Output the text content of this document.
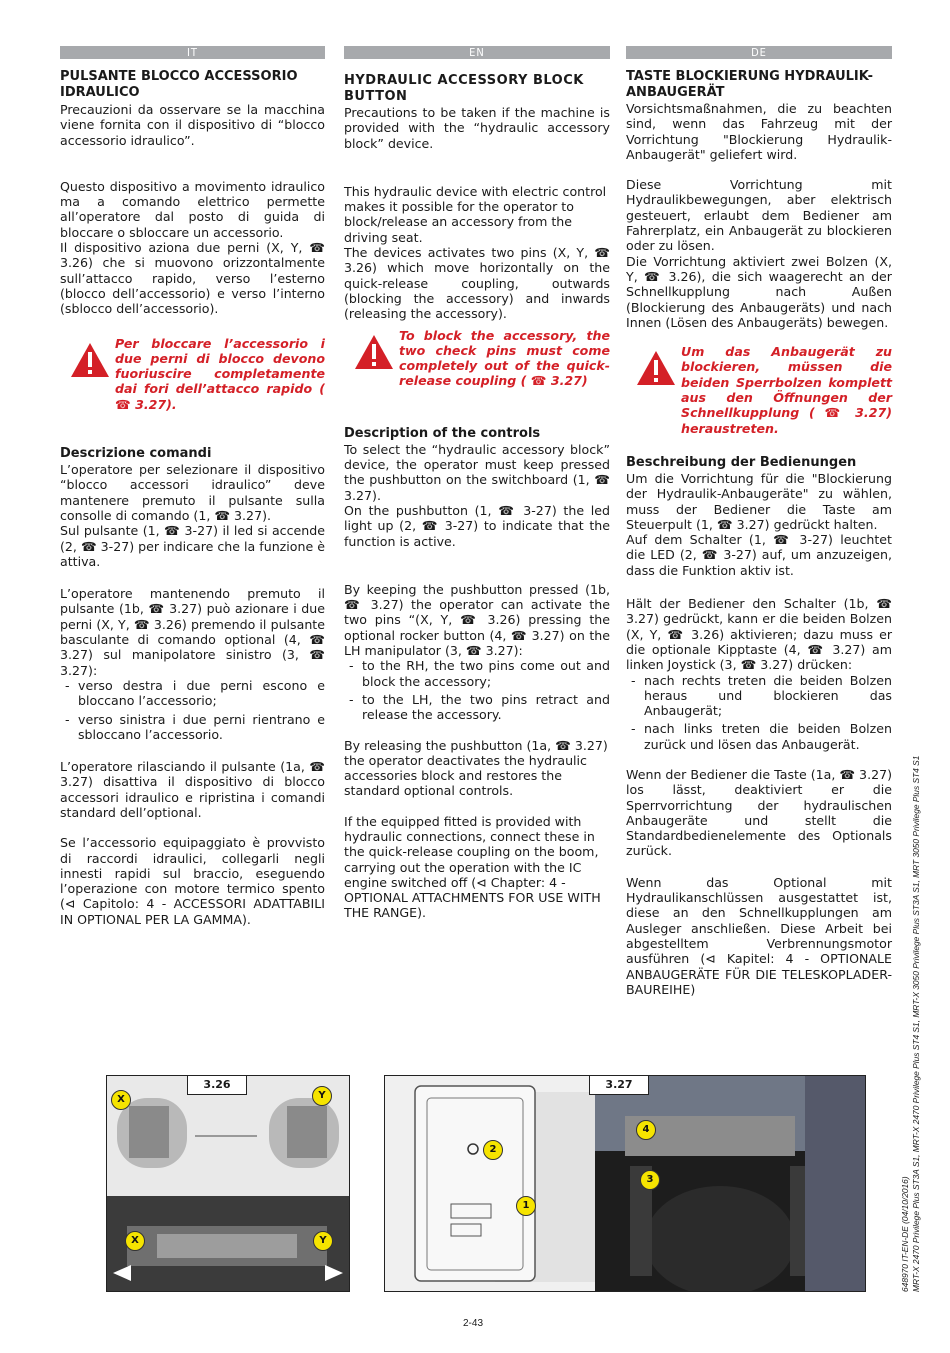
IT
PULSANTE BLOCCO ACCESSORIO IDRAULICO

Precauzioni da osservare se la macchina viene fornita con il dispositivo di “blocco accessorio idraulico”.

Questo dispositivo a movimento idraulico ma a comando elettrico permette all’operatore dal posto di guida di bloccare o sbloccare un accessorio.

Il dispositivo aziona due perni (X, Y, ☎ 3.26) che si muovono orizzontalmente sull’attacco rapido, verso l’esterno (blocco dell’accessorio) e verso l’interno (sblocco dell’accessorio).

Per bloccare l’accessorio i due perni di blocco devono fuoriuscire completamente dai fori dell’attacco rapido ( ☎ 3.27).
Descrizione comandi

L’operatore per selezionare il dispositivo “blocco accessori idraulico” deve mantenere premuto il pulsante sulla consolle di comando (1, ☎ 3.27).

Sul pulsante (1, ☎ 3-27) il led si accende (2, ☎ 3-27) per indicare che la funzione è attiva.

L’operatore mantenendo premuto il pulsante (1b, ☎ 3.27) può azionare i due perni (X, Y, ☎ 3.26) premendo il pulsante basculante di comando optional (4, ☎ 3.27) sul manipolatore sinistro (3, ☎ 3.27):

- verso destra i due perni escono e bloccano l’accessorio;
- verso sinistra i due perni rientrano e sbloccano l’accessorio.

L’operatore rilasciando il pulsante (1a, ☎ 3.27) disattiva il dispositivo di blocco accessori idraulico e ripristina i comandi standard dell’optional.

Se l’accessorio equipaggiato è provvisto di raccordi idraulici, collegarli negli innesti rapidi sul braccio, eseguendo l’operazione con motore termico spento (⊲ Capitolo: 4 - ACCESSORI ADATTABILI IN OPTIONAL PER LA GAMMA).

EN
HYDRAULIC ACCESSORY BLOCK BUTTON

Precautions to be taken if the machine is provided with the “hydraulic accessory block” device.

This hydraulic device with electric control makes it possible for the operator to block/release an accessory from the driving seat.

The devices activates two pins (X, Y, ☎ 3.26) which move horizontally on the quick-release coupling, outwards (blocking the accessory) and inwards (releasing the accessory).

To block the accessory, the two check pins must come completely out of the quick-release coupling ( ☎ 3.27)
Description of the controls

To select the “hydraulic accessory block” device, the operator must keep pressed the pushbutton on the switchboard (1, ☎ 3.27).

On the pushbutton (1, ☎ 3-27) the led light up (2, ☎ 3-27) to indicate that the function is active.

By keeping the pushbutton pressed (1b, ☎ 3.27) the operator can activate the two pins “(X, Y, ☎ 3.26) pressing the optional rocker button (4, ☎ 3.27) on the LH manipulator (3, ☎ 3.27):

- to the RH, the two pins come out and block the accessory;
- to the LH, the two pins retract and release the accessory.

By releasing the pushbutton (1a, ☎ 3.27) the operator deactivates the hydraulic accessories block and restores the standard optional controls.

If the equipped fitted is provided with hydraulic connections, connect these in the quick-release coupling on the boom, carrying out the operation with the IC engine switched off (⊲ Chapter: 4 - OPTIONAL ATTACHMENTS FOR USE WITH THE RANGE).

DE
TASTE BLOCKIERUNG HYDRAULIK-ANBAUGERÄT

Vorsichtsmaßnahmen, die zu beachten sind, wenn das Fahrzeug mit der Vorrichtung "Blockierung Hydraulik-Anbaugerät" geliefert wird.

Diese Vorrichtung mit Hydraulikbewegungen, aber elektrisch gesteuert, erlaubt dem Bediener am Fahrerplatz, ein Anbaugerät zu blockieren oder zu lösen.

Die Vorrichtung aktiviert zwei Bolzen (X, Y, ☎ 3.26), die sich waagerecht an der Schnellkupplung nach Außen (Blockierung des Anbaugeräts) und nach Innen (Lösen des Anbaugeräts) bewegen.

Um das Anbaugerät zu blockieren, müssen die beiden Sperrbolzen komplett aus den Öffnungen der Schnellkupplung ( ☎ 3.27) heraustreten.
Beschreibung der Bedienungen

Um die Vorrichtung für die "Blockierung der Hydraulik-Anbaugeräte" zu wählen, muss der Bediener die Taste am Steuerpult (1, ☎ 3.27) gedrückt halten.

Auf dem Schalter (1, ☎ 3-27) leuchtet die LED (2, ☎ 3-27) auf, um anzuzeigen, dass die Funktion aktiv ist.

Hält der Bediener den Schalter (1b, ☎ 3.27) gedrückt, kann er die beiden Bolzen (X, Y, ☎ 3.26) aktivieren; dazu muss er die optionale Kipptaste (4, ☎ 3.27) am linken Joystick (3, ☎ 3.27) drücken:

- nach rechts treten die beiden Bolzen heraus und blockieren das Anbaugerät;
- nach links treten die beiden Bolzen zurück und lösen das Anbaugerät.

Wenn der Bediener die Taste (1a, ☎ 3.27) los lässt, deaktiviert er die Sperrvorrichtung der hydraulischen Anbaugeräte und stellt die Standardbedienelemente des Optionals zurück.

Wenn das Optional mit Hydraulikanschlüssen ausgestattet ist, diese an den Schnellkupplungen am Ausleger anschließen. Diese Arbeit bei abgestelltem Verbrennungsmotor ausführen (⊲ Kapitel: 4 - OPTIONALE ANBAUGERÄTE FÜR DIE TELESKOPLADER-BAUREIHE)

3.26
X	Y
X	Y
3.27
2
1
4
3
2-43
648970 IT-EN-DE (04/10/2016) MRT-X 2470 Privilege Plus ST3A S1, MRT-X 2470 Privilege Plus ST4 S1, MRT-X 3050 Privilege Plus ST3A S1, MRT 3050 Privilege Plus ST4 S1
